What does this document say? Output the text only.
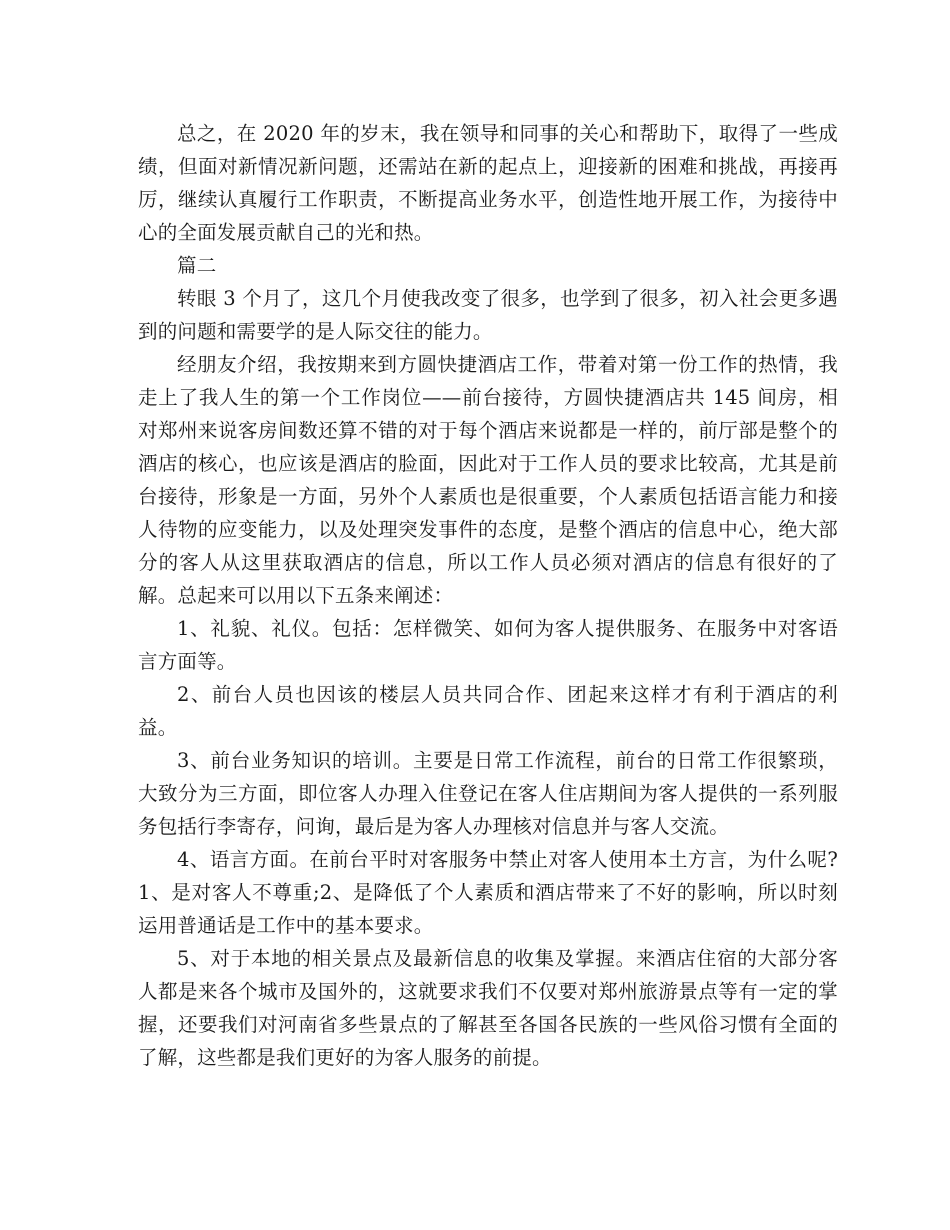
总之，在 2020 年的岁末，我在领导和同事的关心和帮助下，取得了一些成绩，但面对新情况新问题，还需站在新的起点上，迎接新的困难和挑战，再接再厉，继续认真履行工作职责，不断提高业务水平，创造性地开展工作，为接待中心的全面发展贡献自己的光和热。

篇二

转眼 3 个月了，这几个月使我改变了很多，也学到了很多，初入社会更多遇到的问题和需要学的是人际交往的能力。

经朋友介绍，我按期来到方圆快捷酒店工作，带着对第一份工作的热情，我走上了我人生的第一个工作岗位——前台接待，方圆快捷酒店共 145 间房，相对郑州来说客房间数还算不错的对于每个酒店来说都是一样的，前厅部是整个的酒店的核心，也应该是酒店的脸面，因此对于工作人员的要求比较高，尤其是前台接待，形象是一方面，另外个人素质也是很重要，个人素质包括语言能力和接人待物的应变能力，以及处理突发事件的态度，是整个酒店的信息中心，绝大部分的客人从这里获取酒店的信息，所以工作人员必须对酒店的信息有很好的了解。总起来可以用以下五条来阐述：

1、礼貌、礼仪。包括：怎样微笑、如何为客人提供服务、在服务中对客语言方面等。

2、前台人员也因该的楼层人员共同合作、团起来这样才有利于酒店的利益。

3、前台业务知识的培训。主要是日常工作流程，前台的日常工作很繁琐，大致分为三方面，即位客人办理入住登记在客人住店期间为客人提供的一系列服务包括行李寄存，问询，最后是为客人办理核对信息并与客人交流。

4、语言方面。在前台平时对客服务中禁止对客人使用本土方言，为什么呢?1、是对客人不尊重;2、是降低了个人素质和酒店带来了不好的影响，所以时刻运用普通话是工作中的基本要求。

5、对于本地的相关景点及最新信息的收集及掌握。来酒店住宿的大部分客人都是来各个城市及国外的，这就要求我们不仅要对郑州旅游景点等有一定的掌握，还要我们对河南省多些景点的了解甚至各国各民族的一些风俗习惯有全面的了解，这些都是我们更好的为客人服务的前提。
